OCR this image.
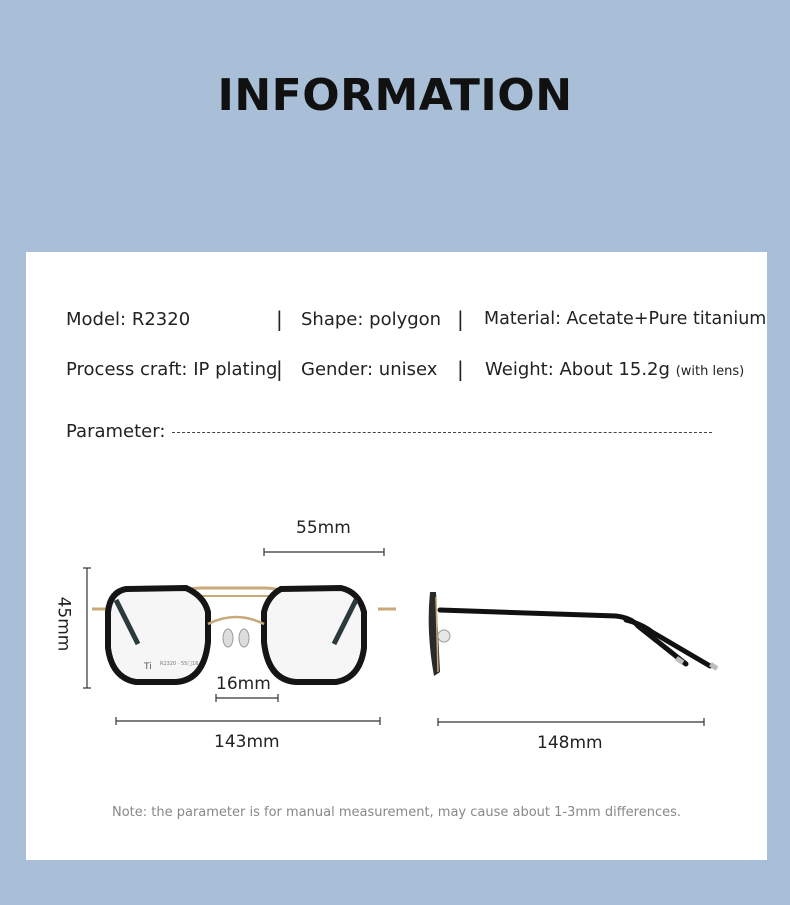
INFORMATION
Model: R2320	| Shape: polygon | Material: Acetate+Pure titanium
Process craft: IP plating
| Gender: unisex | Weight: About 15.2g (with lens)
Parameter:
Ti R2320 · 55□16
55mm
45mm
16mm
143mm	148mm
Note: the parameter is for manual measurement, may cause about 1-3mm differences.
